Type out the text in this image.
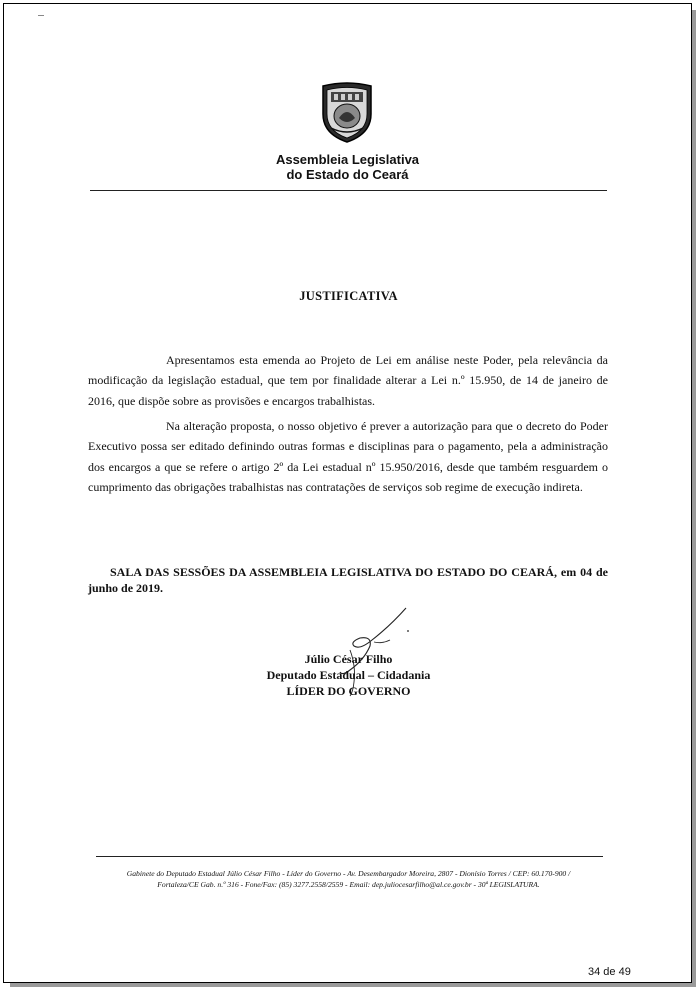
Assembleia Legislativa
do Estado do Ceará
JUSTIFICATIVA

Apresentamos esta emenda ao Projeto de Lei em análise neste Poder, pela relevância da modificação da legislação estadual, que tem por finalidade alterar a Lei n.º 15.950, de 14 de janeiro de 2016, que dispõe sobre as provisões e encargos trabalhistas.

Na alteração proposta, o nosso objetivo é prever a autorização para que o decreto do Poder Executivo possa ser editado definindo outras formas e disciplinas para o pagamento, pela a administração dos encargos a que se refere o artigo 2º da Lei estadual nº 15.950/2016, desde que também resguardem o cumprimento das obrigações trabalhistas nas contratações de serviços sob regime de execução indireta.

SALA DAS SESSÕES DA ASSEMBLEIA LEGISLATIVA DO ESTADO DO CEARÁ, em 04 de junho de 2019.

Júlio César Filho
Deputado Estadual – Cidadania
LÍDER DO GOVERNO
Gabinete do Deputado Estadual Júlio César Filho - Líder do Governo - Av. Desembargador Moreira, 2807 - Dionísio Torres / CEP: 60.170-900 /
Fortaleza/CE Gab. n.º 316 - Fone/Fax: (85) 3277.2558/2559 - Email: dep.juliocesarfilho@al.ce.gov.br - 30ª LEGISLATURA.
34 de 49
